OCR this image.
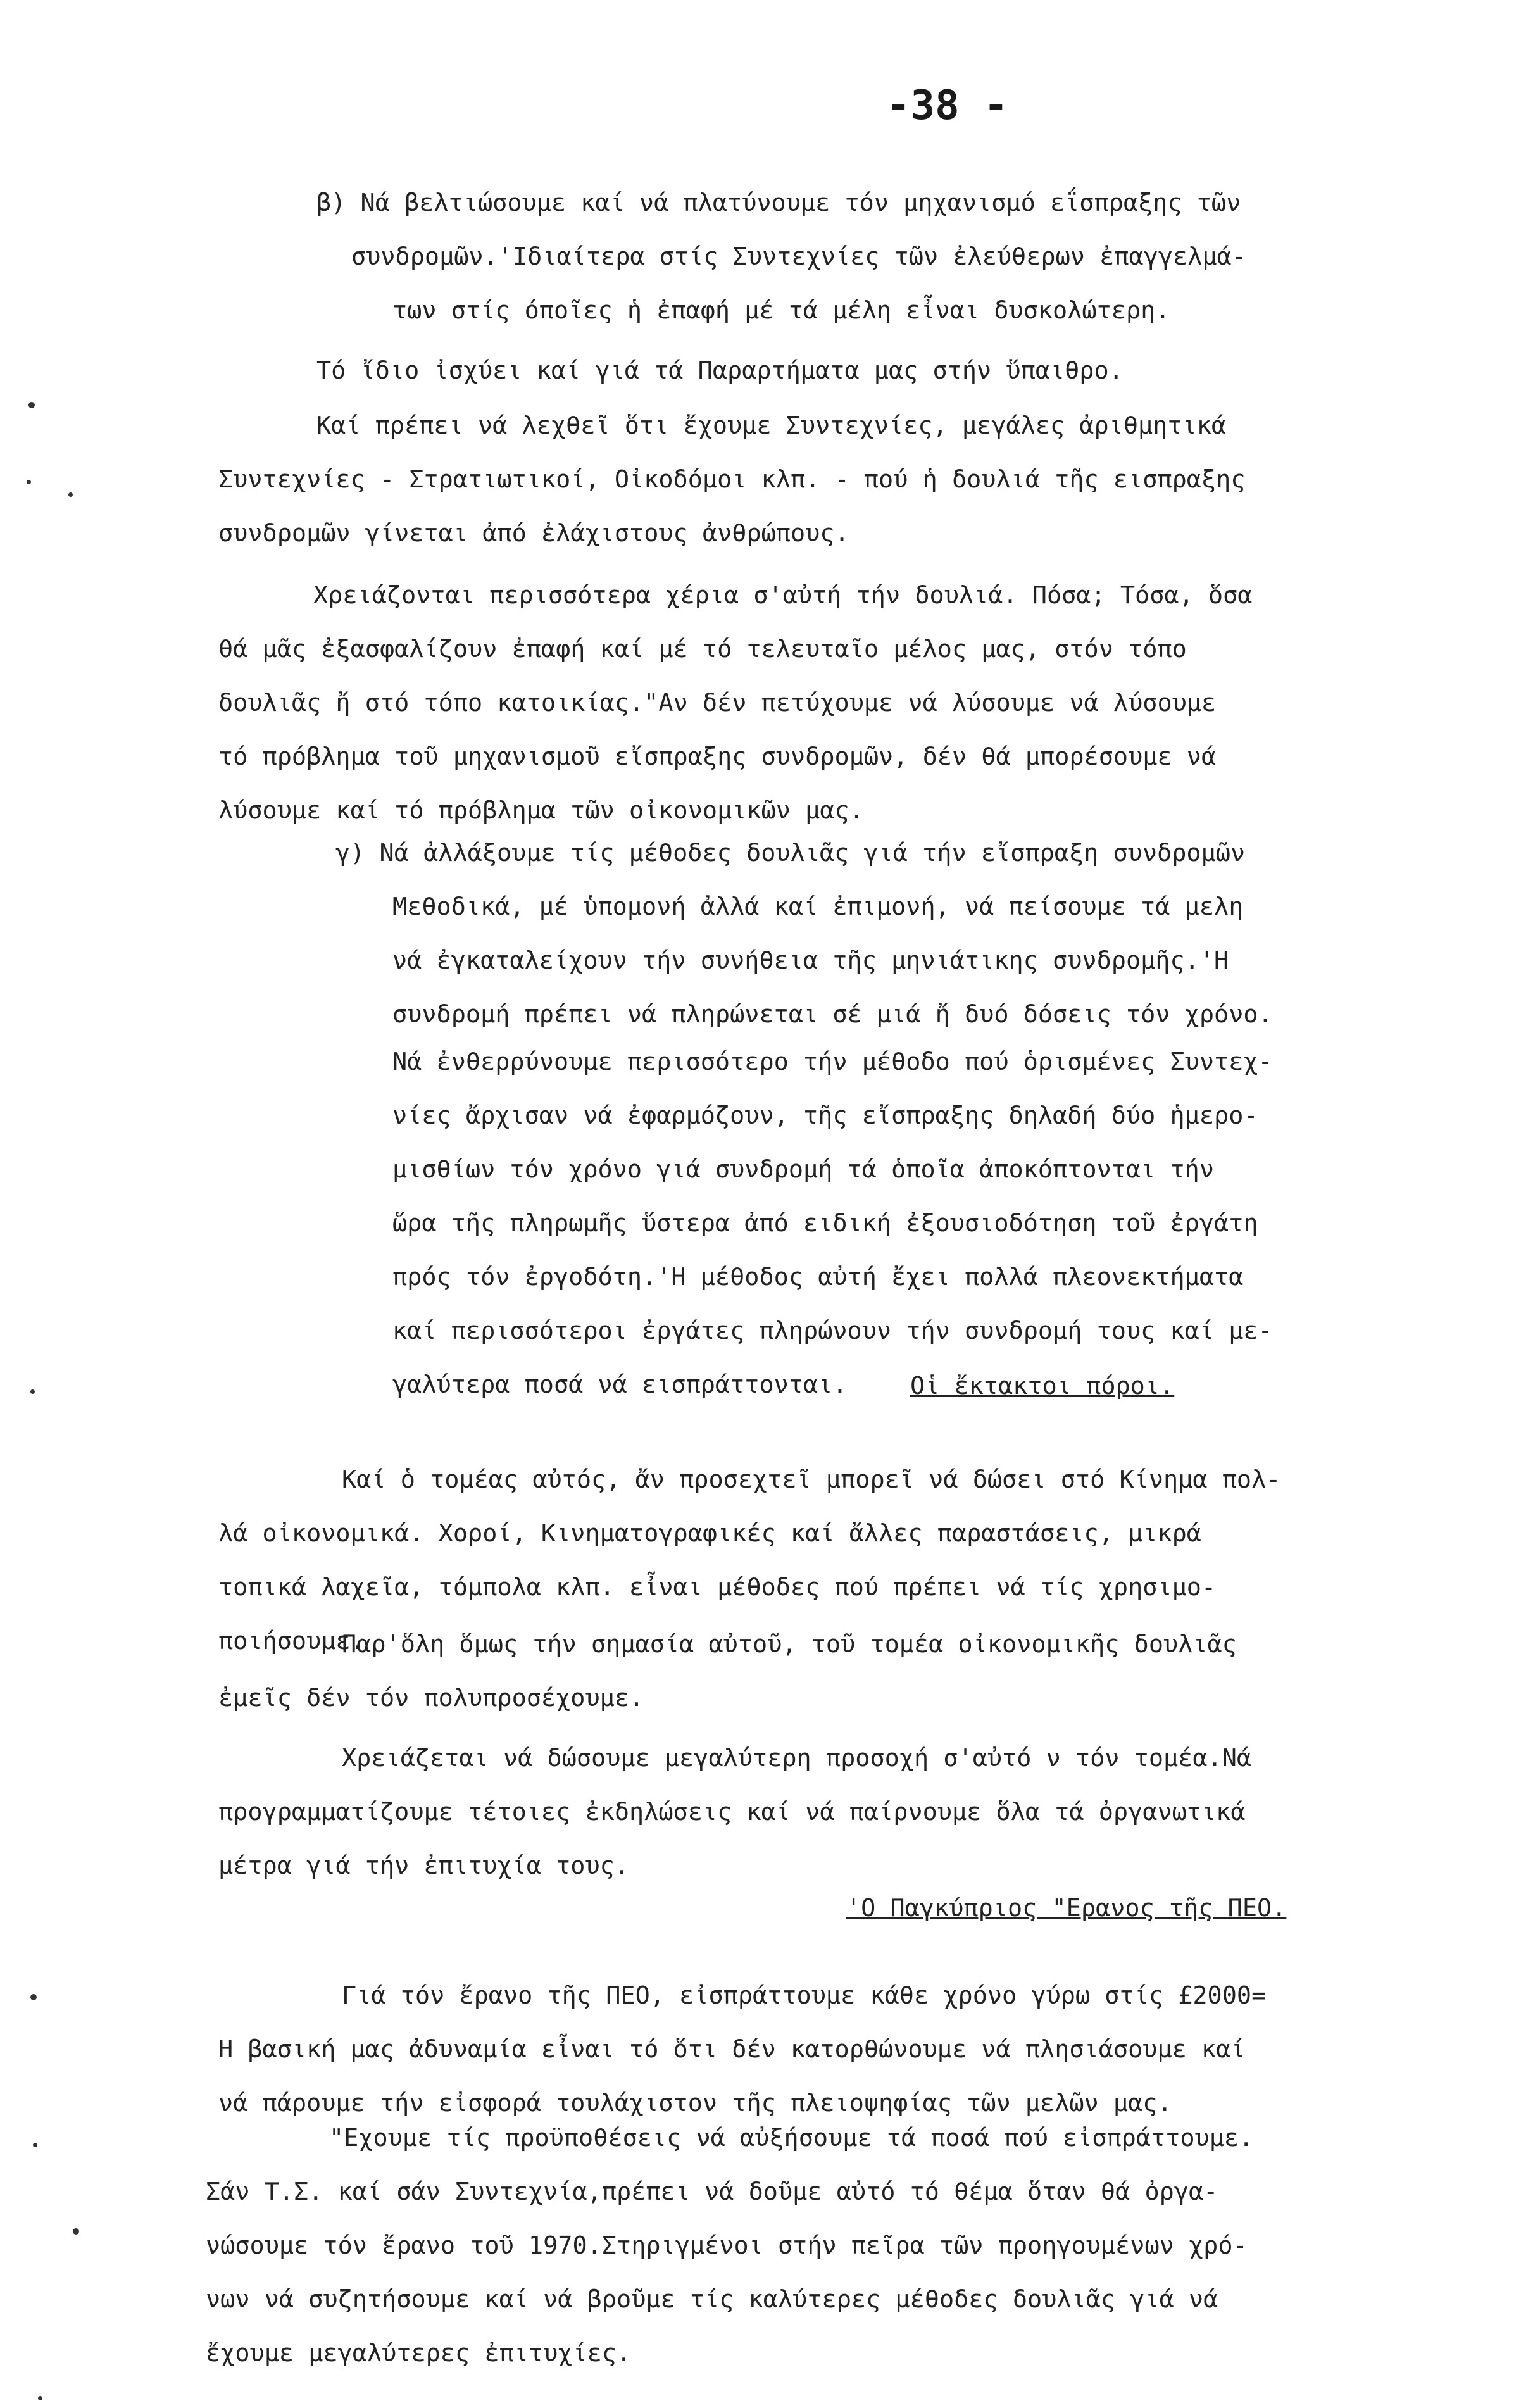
-38 -
β) Νά βελτιώσουμε καί νά πλατύνουμε τόν μηχανισμό εΐσπραξης τῶν
συνδρομῶν.'Ιδιαίτερα στίς Συντεχνίες τῶν ἐλεύθερων ἐπαγγελμά-
των στίς όποῖες ἡ ἐπαφή μέ τά μέλη εἶναι δυσκολώτερη.
Τό ἴδιο ἰσχύει καί γιά τά Παραρτήματα μας στήν ὕπαιθρο.
Καί πρέπει νά λεχθεῖ ὅτι ἔχουμε Συντεχνίες, μεγάλες ἀριθμητικά
Συντεχνίες - Στρατιωτικοί, Οἰκοδόμοι κλπ. - πού ἡ δουλιά τῆς εισπραξης
συνδρομῶν γίνεται ἀπό ἐλάχιστους ἀνθρώπους.
Χρειάζονται περισσότερα χέρια σ'αὐτή τήν δουλιά. Πόσα; Τόσα, ὅσα
θά μᾶς ἐξασφαλίζουν ἐπαφή καί μέ τό τελευταῖο μέλος μας, στόν τόπο
δουλιᾶς ἤ στό τόπο κατοικίας."Αν δέν πετύχουμε νά λύσουμε νά λύσουμε
τό πρόβλημα τοῦ μηχανισμοῦ εἴσπραξης συνδρομῶν, δέν θά μπορέσουμε νά
λύσουμε καί τό πρόβλημα τῶν οἰκονομικῶν μας.
γ) Νά ἀλλάξουμε τίς μέθοδες δουλιᾶς γιά τήν εἴσπραξη συνδρομῶν
Μεθοδικά, μέ ὑπομονή ἀλλά καί ἐπιμονή, νά πείσουμε τά μελη
νά ἐγκαταλείχουν τήν συνήθεια τῆς μηνιάτικης συνδρομῆς.'Η
συνδρομή πρέπει νά πληρώνεται σέ μιά ἤ δυό δόσεις τόν χρόνο.
Νά ἐνθερρύνουμε περισσότερο τήν μέθοδο πού ὁρισμένες Συντεχ-
νίες ἄρχισαν νά ἐφαρμόζουν, τῆς εἴσπραξης δηλαδή δύο ἡμερο-
μισθίων τόν χρόνο γιά συνδρομή τά ὁποῖα ἀποκόπτονται τήν
ὥρα τῆς πληρωμῆς ὕστερα ἀπό ειδική ἐξουσιοδότηση τοῦ ἐργάτη
πρός τόν ἐργοδότη.'Η μέθοδος αὐτή ἔχει πολλά πλεονεκτήματα
καί περισσότεροι ἐργάτες πληρώνουν τήν συνδρομή τους καί με-
γαλύτερα ποσά νά εισπράττονται.	Οἱ ἔκτακτοι πόροι.
Καί ὁ τομέας αὐτός, ἄν προσεχτεῖ μπορεῖ νά δώσει στό Κίνημα πολ-
λά οἰκονομικά. Χοροί, Κινηματογραφικές καί ἄλλες παραστάσεις, μικρά
τοπικά λαχεῖα, τόμπολα κλπ. εἶναι μέθοδες πού πρέπει νά τίς χρησιμο-
ποιήσουμε.
Παρ'ὅλη ὅμως τήν σημασία αὐτοῦ, τοῦ τομέα οἰκονομικῆς δουλιᾶς
ἐμεῖς δέν τόν πολυπροσέχουμε.
Χρειάζεται νά δώσουμε μεγαλύτερη προσοχή σ'αὐτό ν τόν τομέα.Νά
προγραμματίζουμε τέτοιες ἐκδηλώσεις καί νά παίρνουμε ὅλα τά ὀργανωτικά
μέτρα γιά τήν ἐπιτυχία τους.
'Ο Παγκύπριος "Ερανος τῆς ΠΕΟ.
Γιά τόν ἔρανο τῆς ΠΕΟ, εἰσπράττουμε κάθε χρόνο γύρω στίς £2000=
Η βασική μας ἀδυναμία εἶναι τό ὅτι δέν κατορθώνουμε νά πλησιάσουμε καί
νά πάρουμε τήν εἰσφορά τουλάχιστον τῆς πλειοψηφίας τῶν μελῶν μας.
"Εχουμε τίς προϋποθέσεις νά αὐξήσουμε τά ποσά πού εἰσπράττουμε.
Σάν Τ.Σ. καί σάν Συντεχνία,πρέπει νά δοῦμε αὐτό τό θέμα ὅταν θά ὀργα-
νώσουμε τόν ἔρανο τοῦ 1970.Στηριγμένοι στήν πεῖρα τῶν προηγουμένων χρό-
νων νά συζητήσουμε καί νά βροῦμε τίς καλύτερες μέθοδες δουλιᾶς γιά νά
ἔχουμε μεγαλύτερες ἐπιτυχίες.
